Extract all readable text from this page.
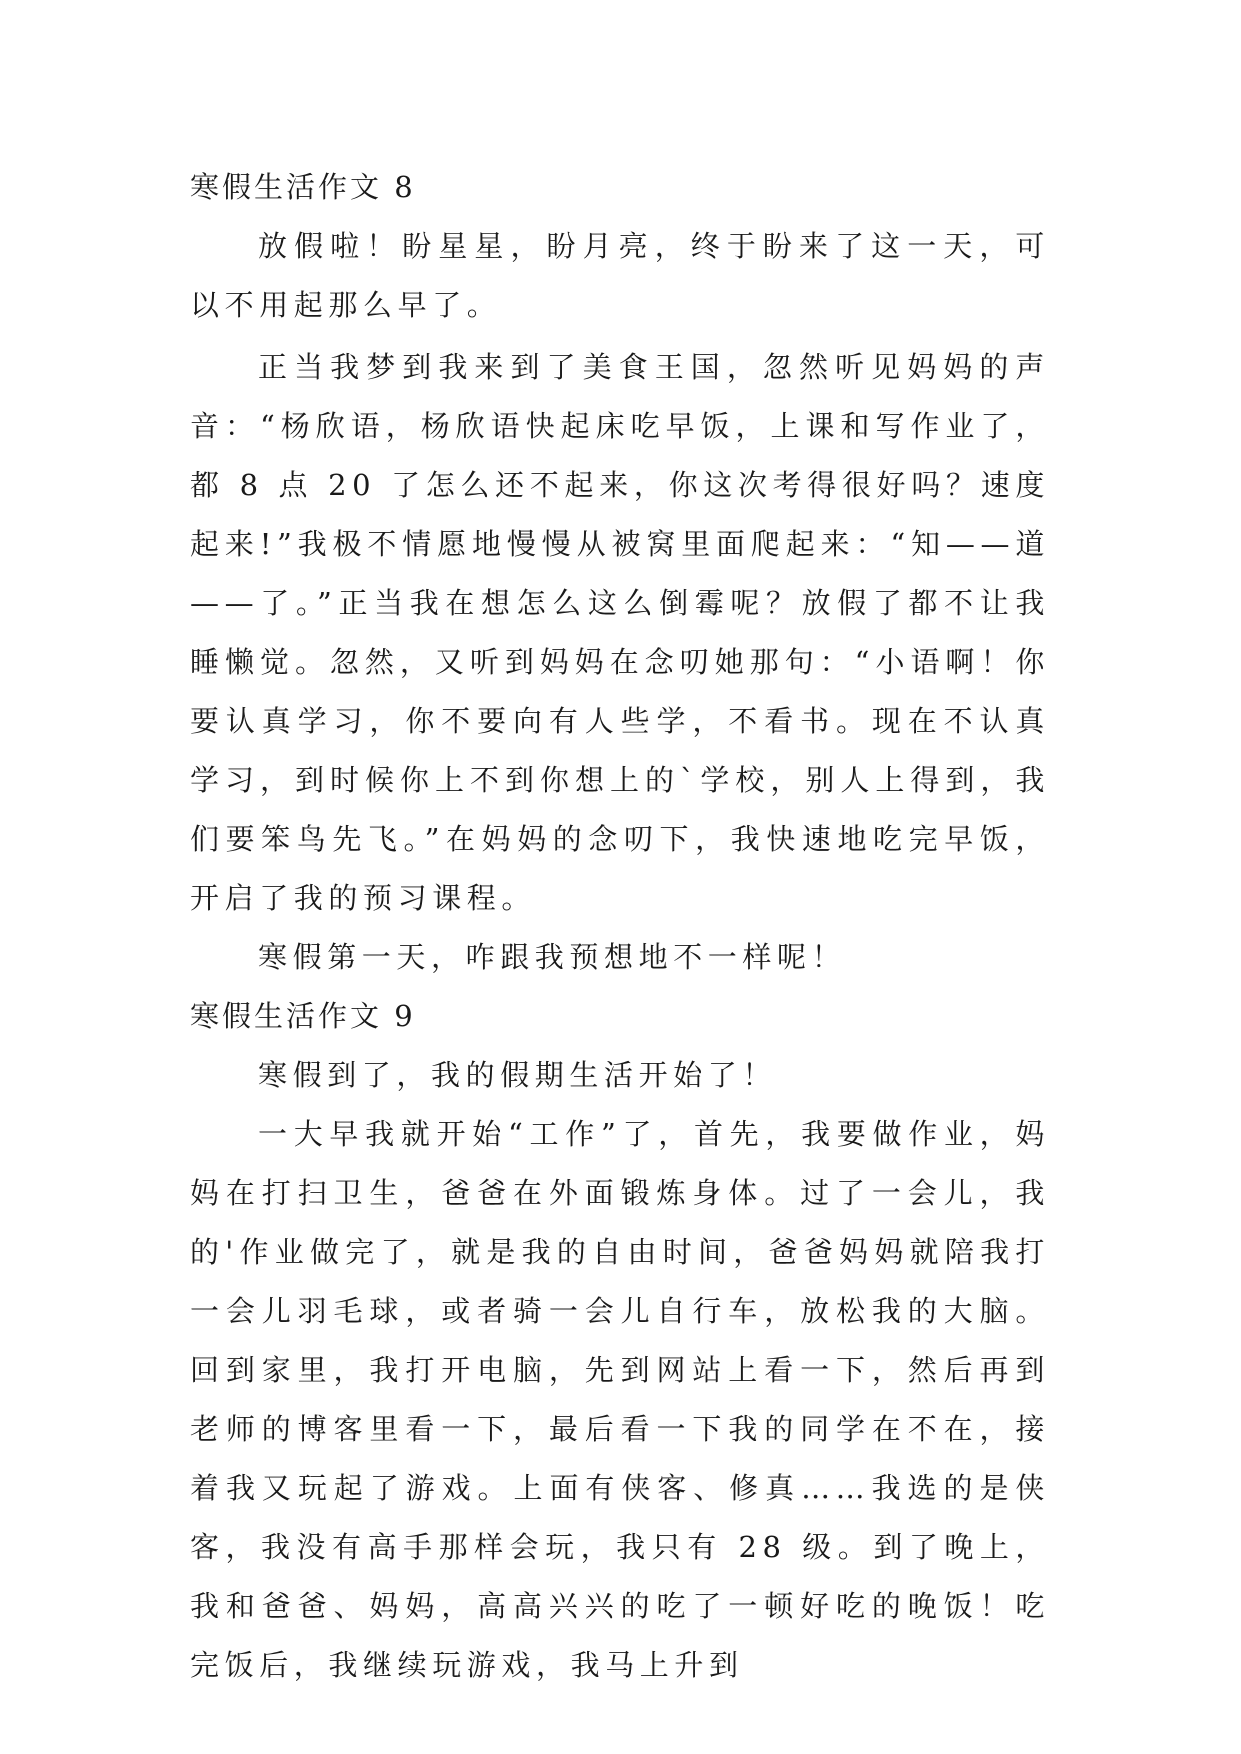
寒假生活作文 8

放假啦！盼星星，盼月亮，终于盼来了这一天，可以不用起那么早了。

正当我梦到我来到了美食王国，忽然听见妈妈的声音：“杨欣语，杨欣语快起床吃早饭，上课和写作业了，都 8 点 20 了怎么还不起来，你这次考得很好吗？速度起来!”我极不情愿地慢慢从被窝里面爬起来：“知——道——了。”正当我在想怎么这么倒霉呢？放假了都不让我睡懒觉。忽然，又听到妈妈在念叨她那句：“小语啊！你要认真学习，你不要向有人些学，不看书。现在不认真学习，到时候你上不到你想上的`学校，别人上得到，我们要笨鸟先飞。”在妈妈的念叨下，我快速地吃完早饭，开启了我的预习课程。

寒假第一天，咋跟我预想地不一样呢！

寒假生活作文 9

寒假到了，我的假期生活开始了！

一大早我就开始“工作”了，首先，我要做作业，妈妈在打扫卫生，爸爸在外面锻炼身体。过了一会儿，我的'作业做完了，就是我的自由时间，爸爸妈妈就陪我打一会儿羽毛球，或者骑一会儿自行车，放松我的大脑。回到家里，我打开电脑，先到网站上看一下，然后再到老师的博客里看一下，最后看一下我的同学在不在，接着我又玩起了游戏。上面有侠客、修真……我选的是侠客，我没有高手那样会玩，我只有 28 级。到了晚上，我和爸爸、妈妈，高高兴兴的吃了一顿好吃的晚饭！吃完饭后，我继续玩游戏，我马上升到
